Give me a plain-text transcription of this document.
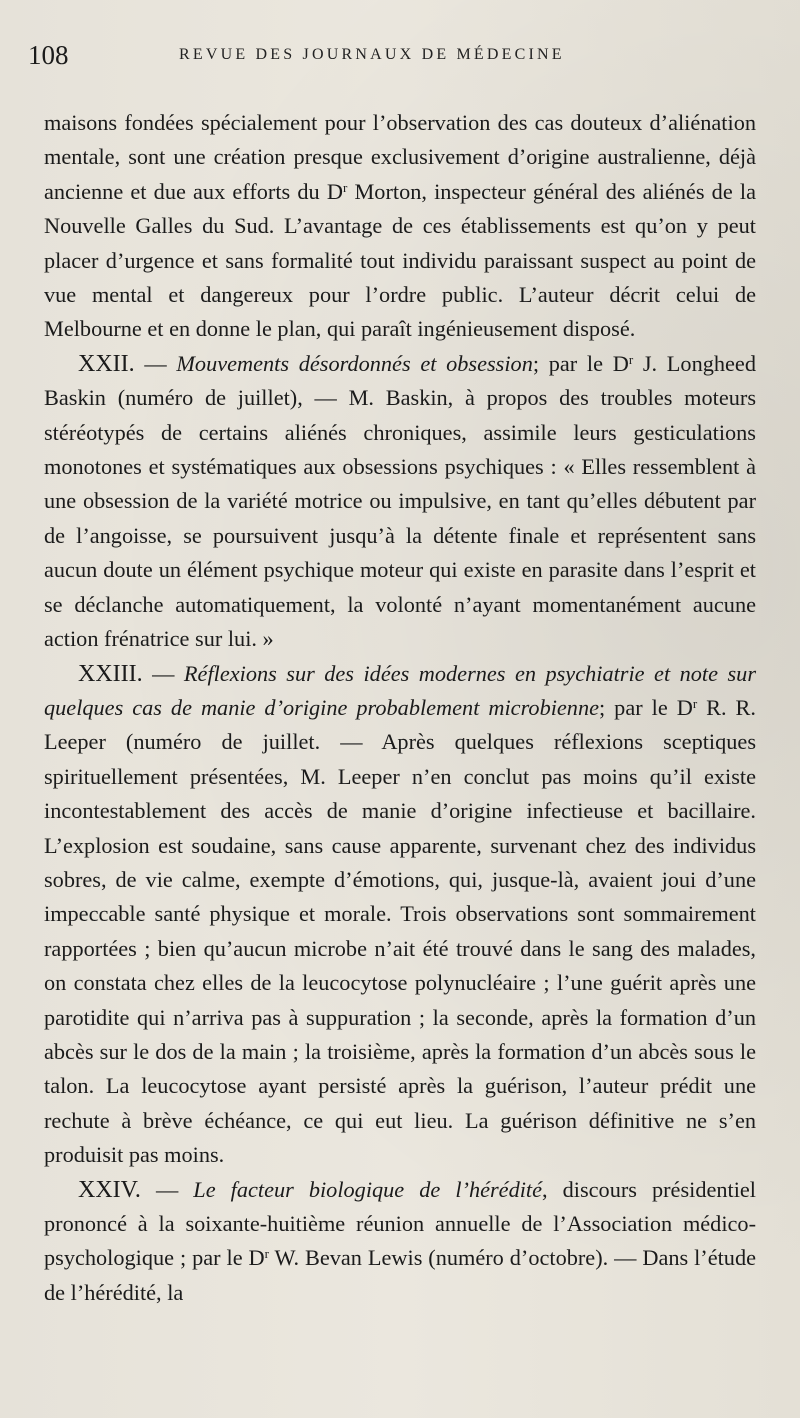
108	REVUE DES JOURNAUX DE MÉDECINE

maisons fondées spécialement pour l’observation des cas douteux d’aliénation mentale, sont une création presque exclusivement d’origine australienne, déjà ancienne et due aux efforts du $D^r$ Morton, inspecteur général des aliénés de la Nouvelle Galles du Sud. L’avantage de ces établissements est qu’on y peut placer d’urgence et sans formalité tout individu paraissant suspect au point de vue mental et dangereux pour l’ordre public. L’auteur décrit celui de Melbourne et en donne le plan, qui paraît ingénieusement disposé.

XXII. — Mouvements désordonnés et obsession; par le $D^r$ J. Longheed Baskin (numéro de juillet), — M. Baskin, à propos des troubles moteurs stéréotypés de certains aliénés chroniques, assimile leurs gesticulations monotones et systématiques aux obsessions psychiques : « Elles ressemblent à une obsession de la variété motrice ou impulsive, en tant qu’elles débutent par de l’angoisse, se poursuivent jusqu’à la détente finale et représentent sans aucun doute un élément psychique moteur qui existe en parasite dans l’esprit et se déclanche automatiquement, la volonté n’ayant momentanément aucune action frénatrice sur lui. »

XXIII. — Réflexions sur des idées modernes en psychiatrie et note sur quelques cas de manie d’origine probablement microbienne; par le $D^r$ R. R. Leeper (numéro de juillet. — Après quelques réflexions sceptiques spirituellement présentées, M. Leeper n’en conclut pas moins qu’il existe incontestablement des accès de manie d’origine infectieuse et bacillaire. L’explosion est soudaine, sans cause apparente, survenant chez des individus sobres, de vie calme, exempte d’émotions, qui, jusque-là, avaient joui d’une impeccable santé physique et morale. Trois observations sont sommairement rapportées ; bien qu’aucun microbe n’ait été trouvé dans le sang des malades, on constata chez elles de la leucocytose polynucléaire ; l’une guérit après une parotidite qui n’arriva pas à suppuration ; la seconde, après la formation d’un abcès sur le dos de la main ; la troisième, après la formation d’un abcès sous le talon. La leucocytose ayant persisté après la guérison, l’auteur prédit une rechute à brève échéance, ce qui eut lieu. La guérison définitive ne s’en produisit pas moins.

XXIV. — Le facteur biologique de l’hérédité, discours présidentiel prononcé à la soixante-huitième réunion annuelle de l’Association médico-psychologique ; par le $D^r$ W. Bevan Lewis (numéro d’octobre). — Dans l’étude de l’hérédité, la
